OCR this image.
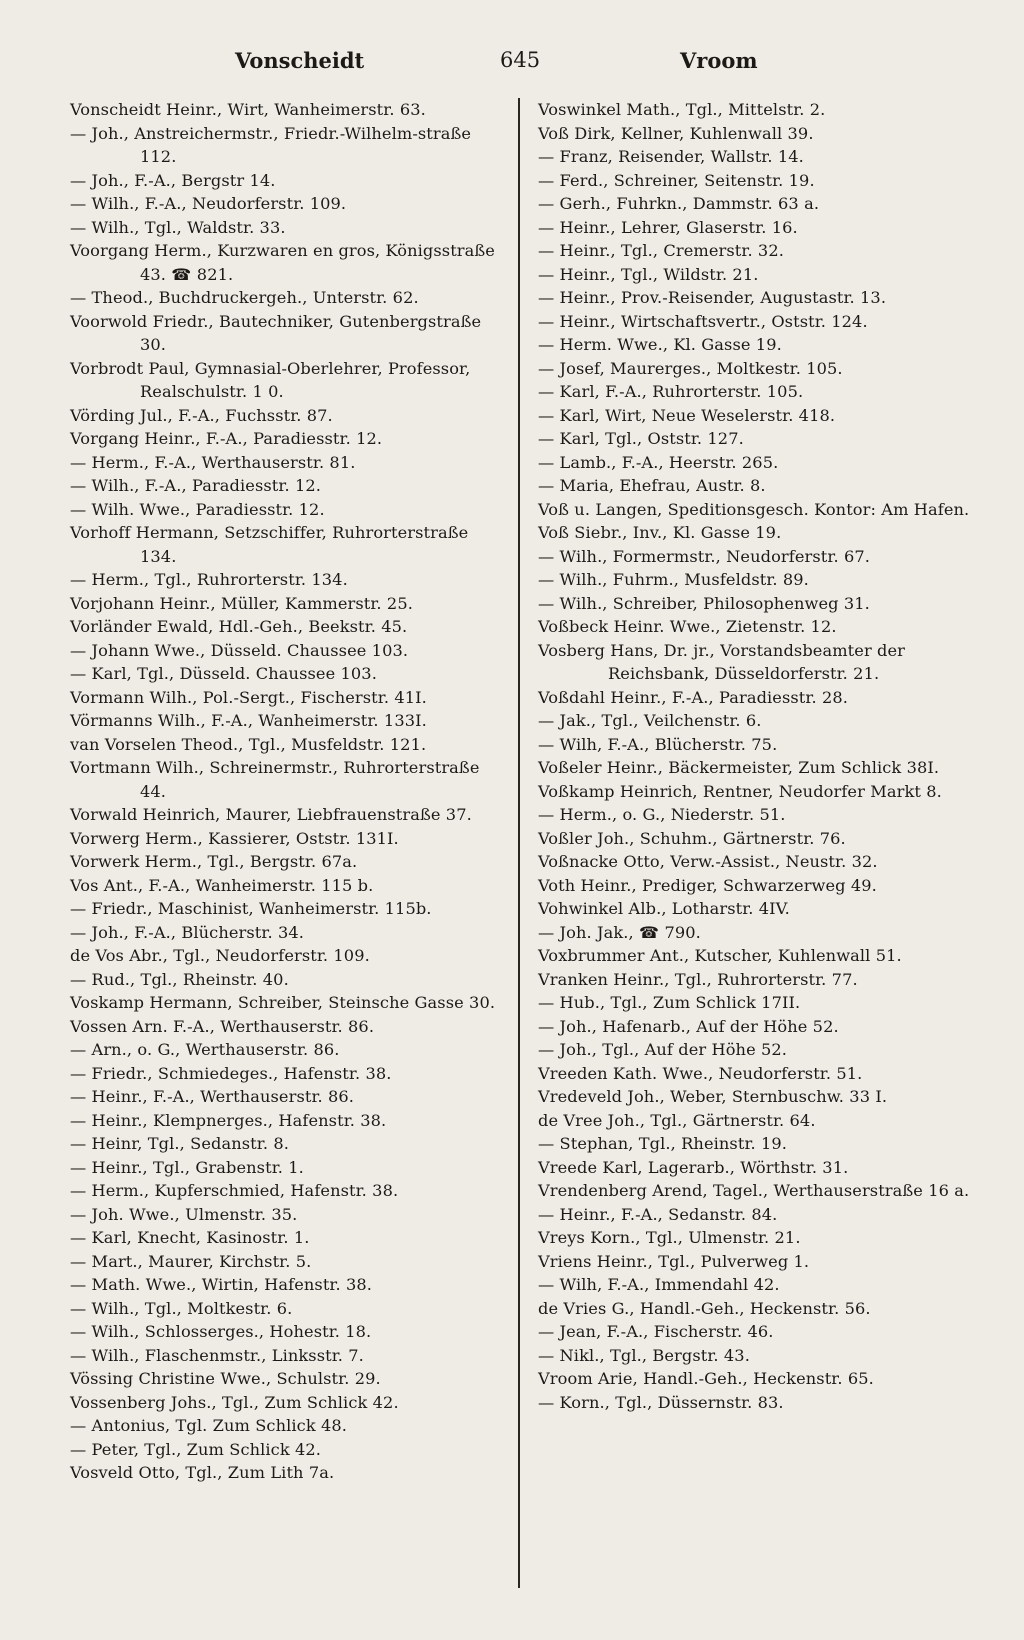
Vonscheidt	645	Vroom
Vonscheidt Heinr., Wirt, Wanheimerstr. 63.
— Joh., Anstreichermstr., Friedr.-Wilhelm-straße 112.
— Joh., F.-A., Bergstr 14.
— Wilh., F.-A., Neudorferstr. 109.
— Wilh., Tgl., Waldstr. 33.
Voorgang Herm., Kurzwaren en gros, Königsstraße 43. ☎ 821.
— Theod., Buchdruckergeh., Unterstr. 62.
Voorwold Friedr., Bautechniker, Gutenbergstraße 30.
Vorbrodt Paul, Gymnasial-Oberlehrer, Professor, Realschulstr. 1 0.
Vörding Jul., F.-A., Fuchsstr. 87.
Vorgang Heinr., F.-A., Paradiesstr. 12.
— Herm., F.-A., Werthauserstr. 81.
— Wilh., F.-A., Paradiesstr. 12.
— Wilh. Wwe., Paradiesstr. 12.
Vorhoff Hermann, Setzschiffer, Ruhrorterstraße 134.
— Herm., Tgl., Ruhrorterstr. 134.
Vorjohann Heinr., Müller, Kammerstr. 25.
Vorländer Ewald, Hdl.-Geh., Beekstr. 45.
— Johann Wwe., Düsseld. Chaussee 103.
— Karl, Tgl., Düsseld. Chaussee 103.
Vormann Wilh., Pol.-Sergt., Fischerstr. 41I.
Vörmanns Wilh., F.-A., Wanheimerstr. 133I.
van Vorselen Theod., Tgl., Musfeldstr. 121.
Vortmann Wilh., Schreinermstr., Ruhrorterstraße 44.
Vorwald Heinrich, Maurer, Liebfrauenstraße 37.
Vorwerg Herm., Kassierer, Oststr. 131I.
Vorwerk Herm., Tgl., Bergstr. 67a.
Vos Ant., F.-A., Wanheimerstr. 115 b.
— Friedr., Maschinist, Wanheimerstr. 115b.
— Joh., F.-A., Blücherstr. 34.
de Vos Abr., Tgl., Neudorferstr. 109.
— Rud., Tgl., Rheinstr. 40.
Voskamp Hermann, Schreiber, Steinsche Gasse 30.
Vossen Arn. F.-A., Werthauserstr. 86.
— Arn., o. G., Werthauserstr. 86.
— Friedr., Schmiedeges., Hafenstr. 38.
— Heinr., F.-A., Werthauserstr. 86.
— Heinr., Klempnerges., Hafenstr. 38.
— Heinr, Tgl., Sedanstr. 8.
— Heinr., Tgl., Grabenstr. 1.
— Herm., Kupferschmied, Hafenstr. 38.
— Joh. Wwe., Ulmenstr. 35.
— Karl, Knecht, Kasinostr. 1.
— Mart., Maurer, Kirchstr. 5.
— Math. Wwe., Wirtin, Hafenstr. 38.
— Wilh., Tgl., Moltkestr. 6.
— Wilh., Schlosserges., Hohestr. 18.
— Wilh., Flaschenmstr., Linksstr. 7.
Vössing Christine Wwe., Schulstr. 29.
Vossenberg Johs., Tgl., Zum Schlick 42.
— Antonius, Tgl. Zum Schlick 48.
— Peter, Tgl., Zum Schlick 42.
Vosveld Otto, Tgl., Zum Lith 7a.
Voswinkel Math., Tgl., Mittelstr. 2.
Voß Dirk, Kellner, Kuhlenwall 39.
— Franz, Reisender, Wallstr. 14.
— Ferd., Schreiner, Seitenstr. 19.
— Gerh., Fuhrkn., Dammstr. 63 a.
— Heinr., Lehrer, Glaserstr. 16.
— Heinr., Tgl., Cremerstr. 32.
— Heinr., Tgl., Wildstr. 21.
— Heinr., Prov.-Reisender, Augustastr. 13.
— Heinr., Wirtschaftsvertr., Oststr. 124.
— Herm. Wwe., Kl. Gasse 19.
— Josef, Maurerges., Moltkestr. 105.
— Karl, F.-A., Ruhrorterstr. 105.
— Karl, Wirt, Neue Weselerstr. 418.
— Karl, Tgl., Oststr. 127.
— Lamb., F.-A., Heerstr. 265.
— Maria, Ehefrau, Austr. 8.
Voß u. Langen, Speditionsgesch. Kontor: Am Hafen.
Voß Siebr., Inv., Kl. Gasse 19.
— Wilh., Formermstr., Neudorferstr. 67.
— Wilh., Fuhrm., Musfeldstr. 89.
— Wilh., Schreiber, Philosophenweg 31.
Voßbeck Heinr. Wwe., Zietenstr. 12.
Vosberg Hans, Dr. jr., Vorstandsbeamter der Reichsbank, Düsseldorferstr. 21.
Voßdahl Heinr., F.-A., Paradiesstr. 28.
— Jak., Tgl., Veilchenstr. 6.
— Wilh, F.-A., Blücherstr. 75.
Voßeler Heinr., Bäckermeister, Zum Schlick 38I.
Voßkamp Heinrich, Rentner, Neudorfer Markt 8.
— Herm., o. G., Niederstr. 51.
Voßler Joh., Schuhm., Gärtnerstr. 76.
Voßnacke Otto, Verw.-Assist., Neustr. 32.
Voth Heinr., Prediger, Schwarzerweg 49.
Vohwinkel Alb., Lotharstr. 4IV.
— Joh. Jak., ☎ 790.
Voxbrummer Ant., Kutscher, Kuhlenwall 51.
Vranken Heinr., Tgl., Ruhrorterstr. 77.
— Hub., Tgl., Zum Schlick 17II.
— Joh., Hafenarb., Auf der Höhe 52.
— Joh., Tgl., Auf der Höhe 52.
Vreeden Kath. Wwe., Neudorferstr. 51.
Vredeveld Joh., Weber, Sternbuschw. 33 I.
de Vree Joh., Tgl., Gärtnerstr. 64.
— Stephan, Tgl., Rheinstr. 19.
Vreede Karl, Lagerarb., Wörthstr. 31.
Vrendenberg Arend, Tagel., Werthauserstraße 16 a.
— Heinr., F.-A., Sedanstr. 84.
Vreys Korn., Tgl., Ulmenstr. 21.
Vriens Heinr., Tgl., Pulverweg 1.
— Wilh, F.-A., Immendahl 42.
de Vries G., Handl.-Geh., Heckenstr. 56.
— Jean, F.-A., Fischerstr. 46.
— Nikl., Tgl., Bergstr. 43.
Vroom Arie, Handl.-Geh., Heckenstr. 65.
— Korn., Tgl., Düssernstr. 83.
